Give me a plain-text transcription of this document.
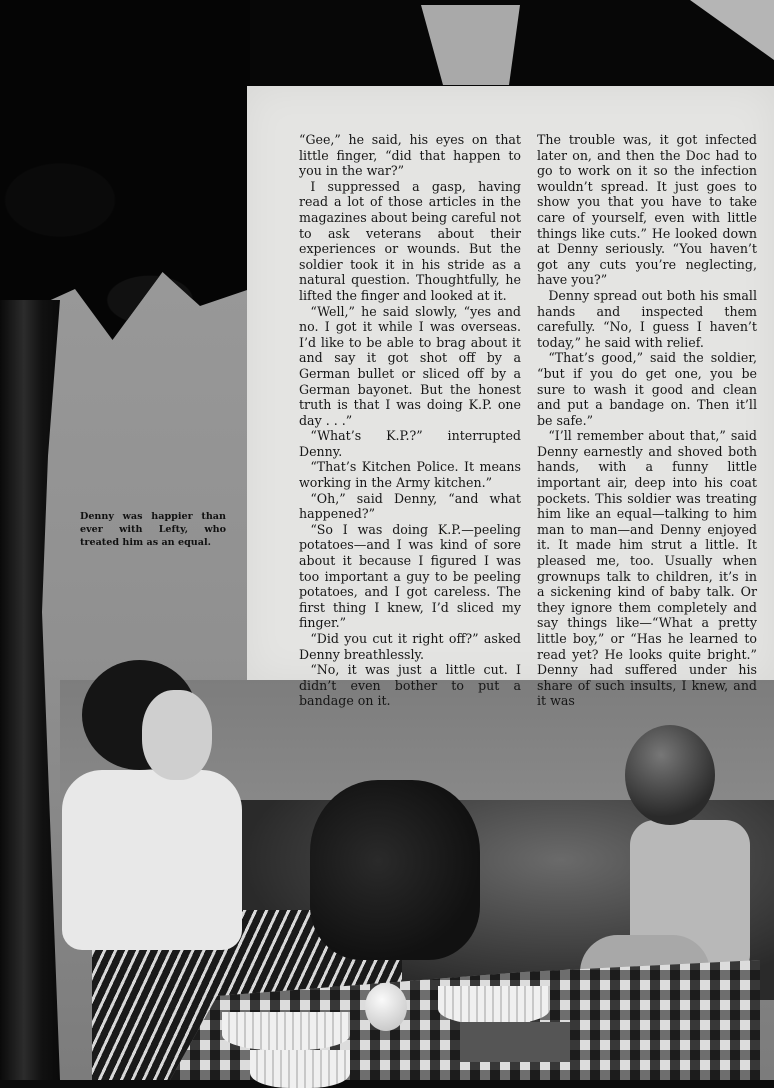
Denny was happier than ever with Lefty, who treated him as an equal.

“Gee,” he said, his eyes on that little finger, “did that happen to you in the war?”

I suppressed a gasp, having read a lot of those articles in the magazines about being careful not to ask veterans about their experiences or wounds. But the soldier took it in his stride as a natural question. Thoughtfully, he lifted the finger and looked at it.

“Well,” he said slowly, “yes and no. I got it while I was overseas. I’d like to be able to brag about it and say it got shot off by a German bullet or sliced off by a German bayonet. But the honest truth is that I was doing K.P. one day . . .”

“What’s K.P.?” interrupted Denny.

“That’s Kitchen Police. It means working in the Army kitchen.”

“Oh,” said Denny, “and what happened?”

“So I was doing K.P.—peeling potatoes—and I was kind of sore about it because I figured I was too important a guy to be peeling potatoes, and I got careless. The first thing I knew, I’d sliced my finger.”

“Did you cut it right off?” asked Denny breathlessly.

“No, it was just a little cut. I didn’t even bother to put a bandage on it.

The trouble was, it got infected later on, and then the Doc had to go to work on it so the infection wouldn’t spread. It just goes to show you that you have to take care of yourself, even with little things like cuts.” He looked down at Denny seriously. “You haven’t got any cuts you’re neglecting, have you?”

Denny spread out both his small hands and inspected them carefully. “No, I guess I haven’t today,” he said with relief.

“That’s good,” said the soldier, “but if you do get one, you be sure to wash it good and clean and put a bandage on. Then it’ll be safe.”

“I’ll remember about that,” said Denny earnestly and shoved both hands, with a funny little important air, deep into his coat pockets. This soldier was treating him like an equal—talking to him man to man—and Denny enjoyed it. It made him strut a little. It pleased me, too. Usually when grownups talk to children, it’s in a sickening kind of baby talk. Or they ignore them completely and say things like—“What a pretty little boy,” or “Has he learned to read yet? He looks quite bright.” Denny had suffered under his share of such insults, I knew, and it was
